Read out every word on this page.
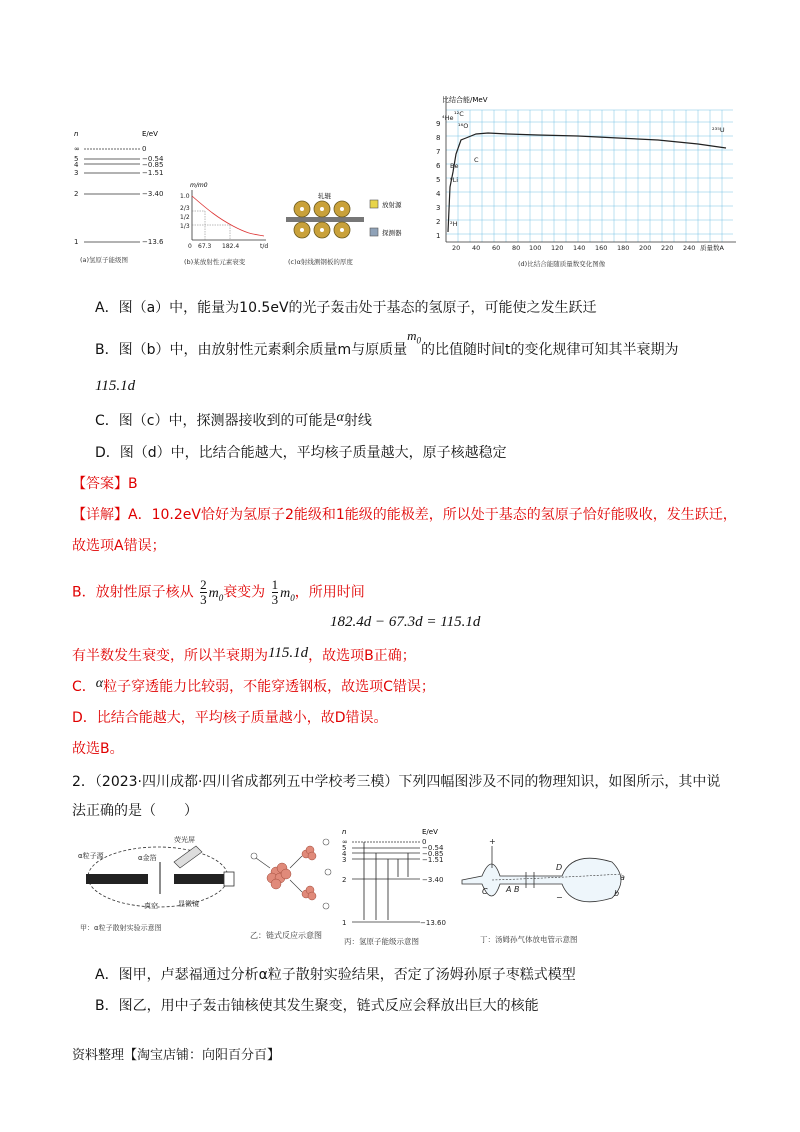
n	E/eV
∞	0
5	−0.54
4	−0.85
3	−1.51
2	−3.40
1	−13.6
(a)氢原子能级图
m/m0
1.0
2/3
1/2
1/3
0 67.3 182.4	t/d
(b)某放射性元素衰变
轧辊
放射源
探测器
(c)α射线测钢板的厚度
比结合能/MeV
1
2
3
4
5
6
7
8
9
20 40 60 80 100 120 140 160 180 200 220 240 质量数A
⁴He ¹²C
¹⁶O
⁶Li
²³⁵U
²H
Be
C
(d)比结合能随质量数变化图像
A．图（a）中，能量为10.5eV的光子轰击处于基态的氢原子，可能使之发生跃迁
B．图（b）中，由放射性元素剩余质量m与原质量$m_0$的比值随时间t的变化规律可知其半衰期为
115.1d
C．图（c）中，探测器接收到的可能是α射线
D．图（d）中，比结合能越大，平均核子质量越大，原子核越稳定
【答案】B
【详解】A．10.2eV恰好为氢原子2能级和1能级的能极差，所以处于基态的氢原子恰好能吸收，发生跃迁，
故选项A错误；
B．放射性原子核从 $\frac{2}{3} m_0$衰变为 $\frac{1}{3} m_0$，所用时间
182.4d − 67.3d = 115.1d
有半数发生衰变，所以半衰期为115.1d，故选项B正确；
C．α粒子穿透能力比较弱，不能穿透钢板，故选项C错误；
D．比结合能越大，平均核子质量越小，故D错误。
故选B。
2．（2023·四川成都·四川省成都列五中学校考三模）下列四幅图涉及不同的物理知识，如图所示，其中说
法正确的是（　　）
荧光屏
α粒子源	α金箔
显微镜
真空
甲：α粒子散射实验示意图
乙：链式反应示意图
n	E/eV
∞	0
5	−0.54
4	−0.85
3	−1.51
2	−3.40
1	−13.60
丙：氢原子能级示意图
C A B
D
a
b
+
−
丁：汤姆孙气体放电管示意图
A．图甲，卢瑟福通过分析α粒子散射实验结果，否定了汤姆孙原子枣糕式模型
B．图乙，用中子轰击铀核使其发生聚变，链式反应会释放出巨大的核能
资料整理【淘宝店铺：向阳百分百】
